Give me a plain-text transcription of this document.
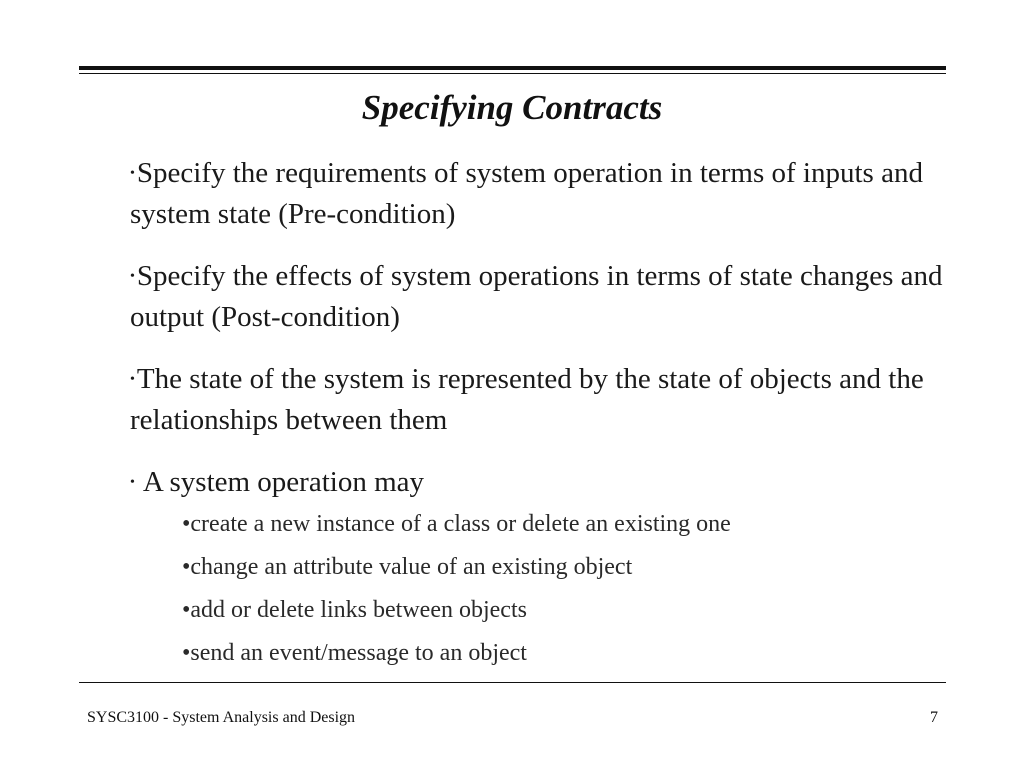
Specifying Contracts
•Specify the requirements of system operation in terms of inputs and system state (Pre-condition)
•Specify the effects of system operations in terms of state changes and output (Post-condition)
•The state of the system is represented by the state of objects and the relationships between them
• A system operation may
•create a new instance of a class or delete an existing one
•change an attribute value of an existing object
•add or delete links between objects
•send an event/message to an object
SYSC3100 - System Analysis and Design	7
